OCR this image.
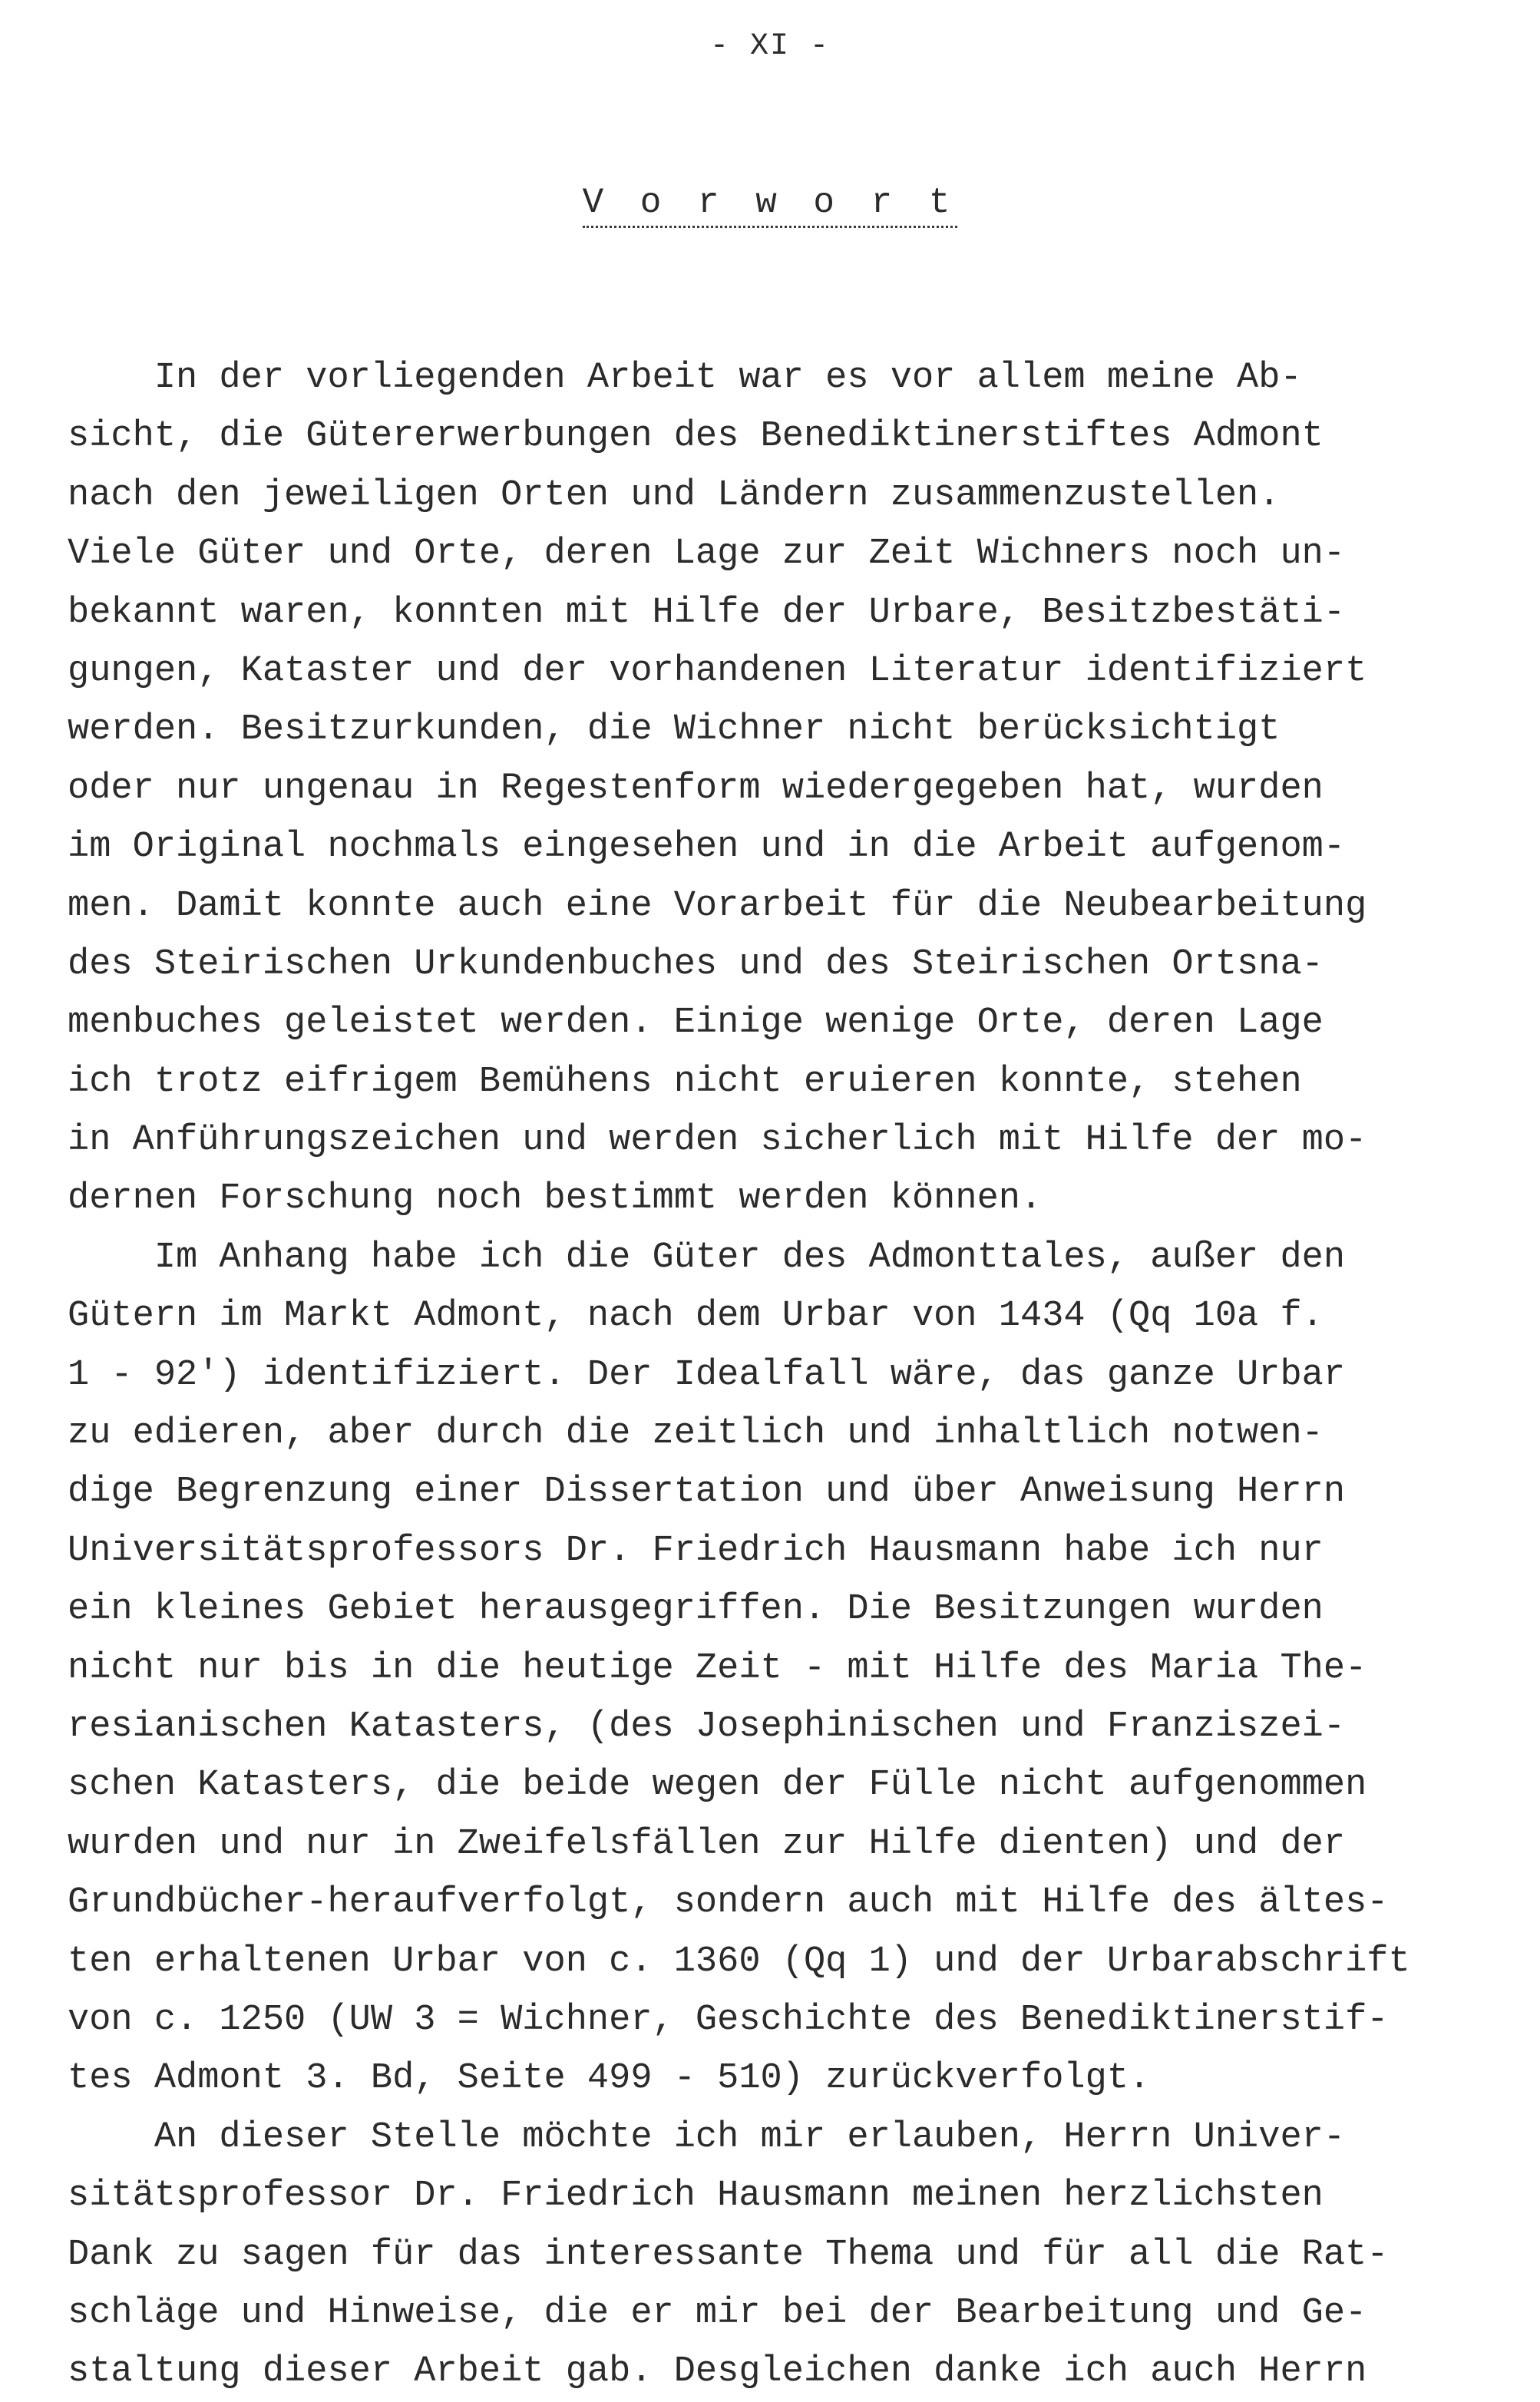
- XI -
V o r w o r t
In der vorliegenden Arbeit war es vor allem meine Ab-
sicht, die Gütererwerbungen des Benediktinerstiftes Admont
nach den jeweiligen Orten und Ländern zusammenzustellen.
Viele Güter und Orte, deren Lage zur Zeit Wichners noch un-
bekannt waren, konnten mit Hilfe der Urbare, Besitzbestäti-
gungen, Kataster und der vorhandenen Literatur identifiziert
werden. Besitzurkunden, die Wichner nicht berücksichtigt
oder nur ungenau in Regestenform wiedergegeben hat, wurden
im Original nochmals eingesehen und in die Arbeit aufgenom-
men. Damit konnte auch eine Vorarbeit für die Neubearbeitung
des Steirischen Urkundenbuches und des Steirischen Ortsna-
menbuches geleistet werden. Einige wenige Orte, deren Lage
ich trotz eifrigem Bemühens nicht eruieren konnte, stehen
in Anführungszeichen und werden sicherlich mit Hilfe der mo-
dernen Forschung noch bestimmt werden können.
Im Anhang habe ich die Güter des Admonttales, außer den
Gütern im Markt Admont, nach dem Urbar von 1434 (Qq 10a f.
1 - 92') identifiziert. Der Idealfall wäre, das ganze Urbar
zu edieren, aber durch die zeitlich und inhaltlich notwen-
dige Begrenzung einer Dissertation und über Anweisung Herrn
Universitätsprofessors Dr. Friedrich Hausmann habe ich nur
ein kleines Gebiet herausgegriffen. Die Besitzungen wurden
nicht nur bis in die heutige Zeit - mit Hilfe des Maria The-
resianischen Katasters, (des Josephinischen und Franziszei-
schen Katasters, die beide wegen der Fülle nicht aufgenommen
wurden und nur in Zweifelsfällen zur Hilfe dienten) und der
Grundbücher-heraufverfolgt, sondern auch mit Hilfe des ältes-
ten erhaltenen Urbar von c. 1360 (Qq 1) und der Urbarabschrift
von c. 1250 (UW 3 = Wichner, Geschichte des Benediktinerstif-
tes Admont 3. Bd, Seite 499 - 510) zurückverfolgt.
An dieser Stelle möchte ich mir erlauben, Herrn Univer-
sitätsprofessor Dr. Friedrich Hausmann meinen herzlichsten
Dank zu sagen für das interessante Thema und für all die Rat-
schläge und Hinweise, die er mir bei der Bearbeitung und Ge-
staltung dieser Arbeit gab. Desgleichen danke ich auch Herrn
